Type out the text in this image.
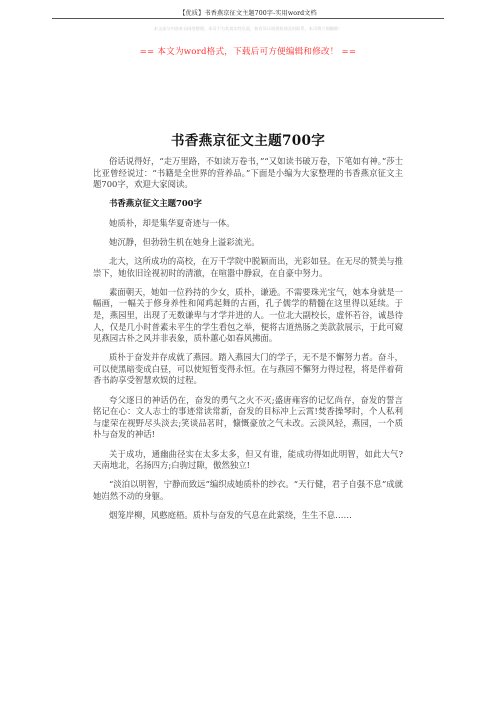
【优质】书香燕京征文主题700字-实用word文档
本文部分内容来自网络整理，本司不为其真实性负责，如有异议或侵权请及时联系，本司将立即删除！
== 本文为word格式，下载后可方便编辑和修改！ ==
书香燕京征文主题700字

俗话说得好，“走万里路，不如读万卷书，”“又如读书破万卷，下笔如有神。”莎士比亚曾经说过：“书籍是全世界的营养品。”下面是小编为大家整理的书香燕京征文主题700字，欢迎大家阅读。

书香燕京征文主题700字

她质朴，却是集华夏奇迹与一体。

她沉静，但勃勃生机在她身上溢彩流光。

北大，这所成功的高校，在万千学院中脱颖而出，光彩如昼。在无尽的赞美与推崇下，她依旧诠视初时的清澈，在喧嚣中静寂，在自豪中努力。

素面朝天，她如一位矜持的少女，质朴，谦逊。不需要珠光宝气，她本身就是一幅画，一幅关于修身养性和闻鸡起舞的古画，孔子儒学的精髓在这里得以延续。于是，燕园里，出现了无数谦卑与才学并进的人。一位北大副校长，虚怀若谷，诚恳待人，仅是几小时普素未平生的学生看包之举，便将古道热肠之美款款展示，于此可窥见燕园古朴之风并非表象，质朴蕙心如春风拂面。

质朴于奋发并存成就了燕园。踏入燕园大门的学子，无不是不懈努力者。奋斗，可以使黑暗变成白昼，可以使短暂变得永恒。在与燕园不懈努力得过程，将是伴着荷香书韵享受智慧欢娱的过程。

夸父逐日的神话仍在，奋发的勇气之火不灭;盛唐雍容的记忆尚存，奋发的誓言铭记在心：文人志士的事迹常读常新，奋发的目标冲上云霄!焚香操琴时，个人私利与虚荣在视野尽头淡去;笑谈品茗时，慷慨豪放之气未改。云淡风轻，燕园，一个质朴与奋发的神话!

关于成功，通幽曲径实在太多太多，但又有谁，能成功得如此明智，如此大气?天南地北，名扬四方;白驹过隙，傲然独立!

“淡泊以明智，宁静而致远”编织成她质朴的纱衣。“天行健，君子自强不息”成就她岿然不动的身躯。

烟笼岸柳，风憨庭梧。质朴与奋发的气息在此萦绕，生生不息……
